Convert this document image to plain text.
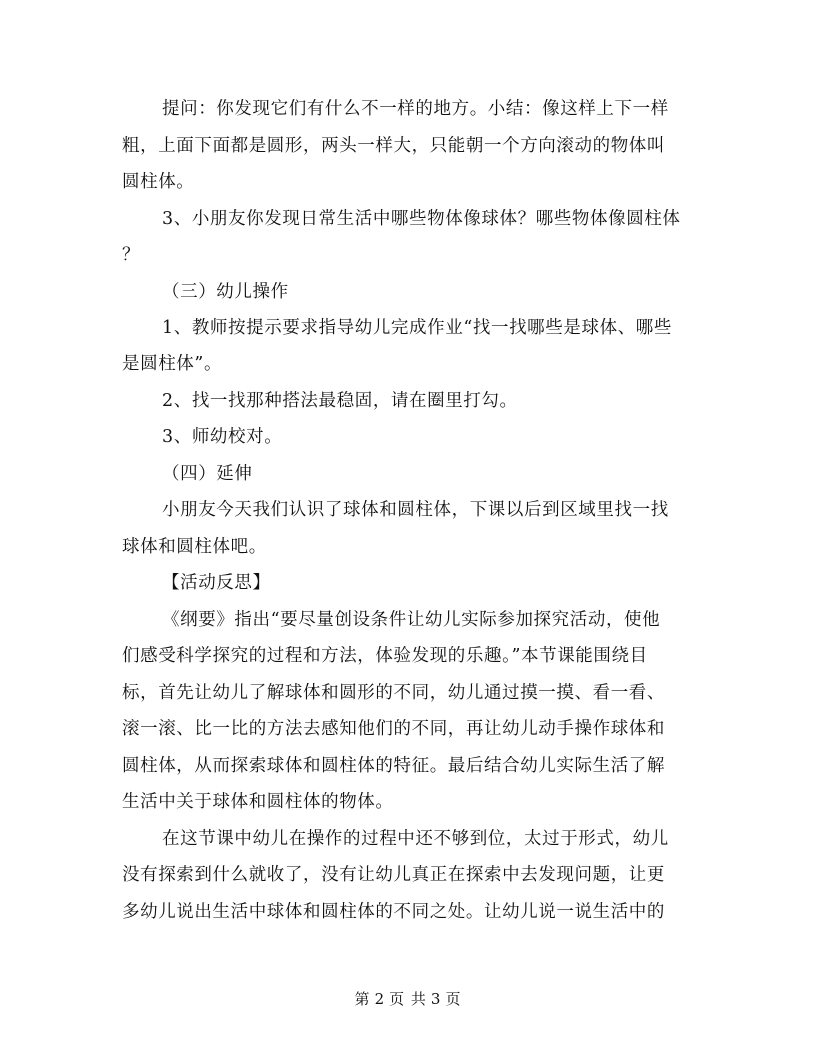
提问：你发现它们有什么不一样的地方。小结：像这样上下一样
粗，上面下面都是圆形，两头一样大，只能朝一个方向滚动的物体叫
圆柱体。
3、小朋友你发现日常生活中哪些物体像球体？哪些物体像圆柱体
？
（三）幼儿操作
1、教师按提示要求指导幼儿完成作业“找一找哪些是球体、哪些
是圆柱体”。
2、找一找那种搭法最稳固，请在圈里打勾。
3、师幼校对。
（四）延伸
小朋友今天我们认识了球体和圆柱体，下课以后到区域里找一找
球体和圆柱体吧。
【活动反思】
《纲要》指出“要尽量创设条件让幼儿实际参加探究活动，使他
们感受科学探究的过程和方法，体验发现的乐趣。”本节课能围绕目
标，首先让幼儿了解球体和圆形的不同，幼儿通过摸一摸、看一看、
滚一滚、比一比的方法去感知他们的不同，再让幼儿动手操作球体和
圆柱体，从而探索球体和圆柱体的特征。最后结合幼儿实际生活了解
生活中关于球体和圆柱体的物体。
在这节课中幼儿在操作的过程中还不够到位，太过于形式，幼儿
没有探索到什么就收了，没有让幼儿真正在探索中去发现问题，让更
多幼儿说出生活中球体和圆柱体的不同之处。让幼儿说一说生活中的
第 2 页 共 3 页
